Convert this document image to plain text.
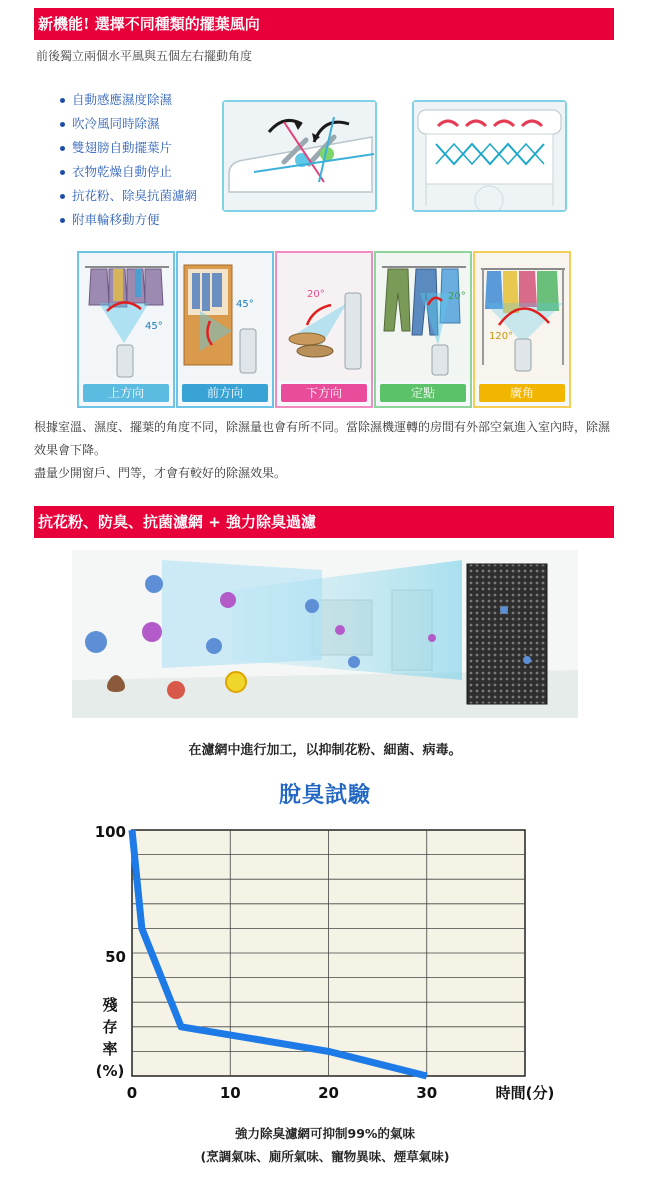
新機能! 選擇不同種類的擺葉風向
前後獨立兩個水平風與五個左右擺動角度
自動感應濕度除濕
吹冷風同時除濕
雙翅膀自動擺葉片
衣物乾燥自動停止
抗花粉、除臭抗菌濾網
附車輪移動方便
45°
上方向
45°
前方向
20°
下方向
20°
定點
120°
廣角

根據室溫、濕度、擺葉的角度不同，除濕量也會有所不同。當除濕機運轉的房間有外部空氣進入室內時，除濕效果會下降。

盡量少開窗戶、門等，才會有較好的除濕效果。

抗花粉、防臭、抗菌濾網 + 強力除臭過濾
在濾網中進行加工，以抑制花粉、細菌、病毒。
脫臭試驗
100
50
殘
存
率
(%)
0	10	20	30	時間(分)
強力除臭濾網可抑制99%的氣味
(烹調氣味、廁所氣味、寵物異味、煙草氣味)
